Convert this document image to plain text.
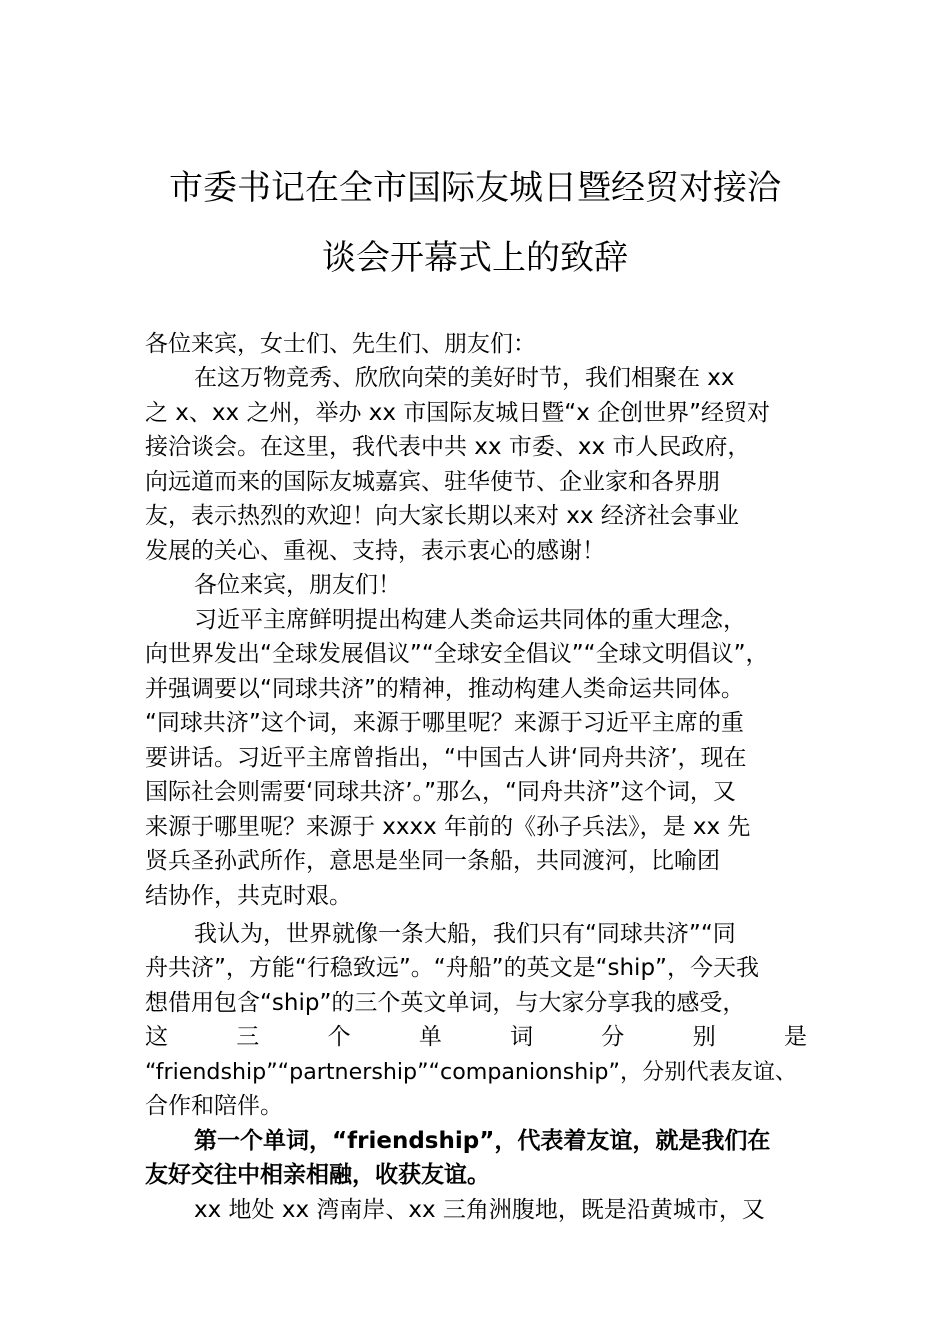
市委书记在全市国际友城日暨经贸对接洽
谈会开幕式上的致辞
各位来宾，女士们、先生们、朋友们：
在这万物竞秀、欣欣向荣的美好时节，我们相聚在 xx
之 x、xx 之州，举办 xx 市国际友城日暨“x 企创世界”经贸对
接洽谈会。在这里，我代表中共 xx 市委、xx 市人民政府，
向远道而来的国际友城嘉宾、驻华使节、企业家和各界朋
友，表示热烈的欢迎！向大家长期以来对 xx 经济社会事业
发展的关心、重视、支持，表示衷心的感谢！
各位来宾，朋友们！
习近平主席鲜明提出构建人类命运共同体的重大理念，
向世界发出“全球发展倡议”“全球安全倡议”“全球文明倡议”，
并强调要以“同球共济”的精神，推动构建人类命运共同体。
“同球共济”这个词，来源于哪里呢？来源于习近平主席的重
要讲话。习近平主席曾指出，“中国古人讲‘同舟共济’，现在
国际社会则需要‘同球共济’。”那么，“同舟共济”这个词，又
来源于哪里呢？来源于 xxxx 年前的《孙子兵法》，是 xx 先
贤兵圣孙武所作，意思是坐同一条船，共同渡河，比喻团
结协作，共克时艰。
我认为，世界就像一条大船，我们只有“同球共济”“同
舟共济”，方能“行稳致远”。“舟船”的英文是“ship”，今天我
想借用包含“ship”的三个英文单词，与大家分享我的感受，
这	三	个	单	词	分	别	是
“friendship”“partnership”“companionship”，分别代表友谊、
合作和陪伴。
第一个单词，“friendship”，代表着友谊，就是我们在
友好交往中相亲相融，收获友谊。
xx 地处 xx 湾南岸、xx 三角洲腹地，既是沿黄城市，又
